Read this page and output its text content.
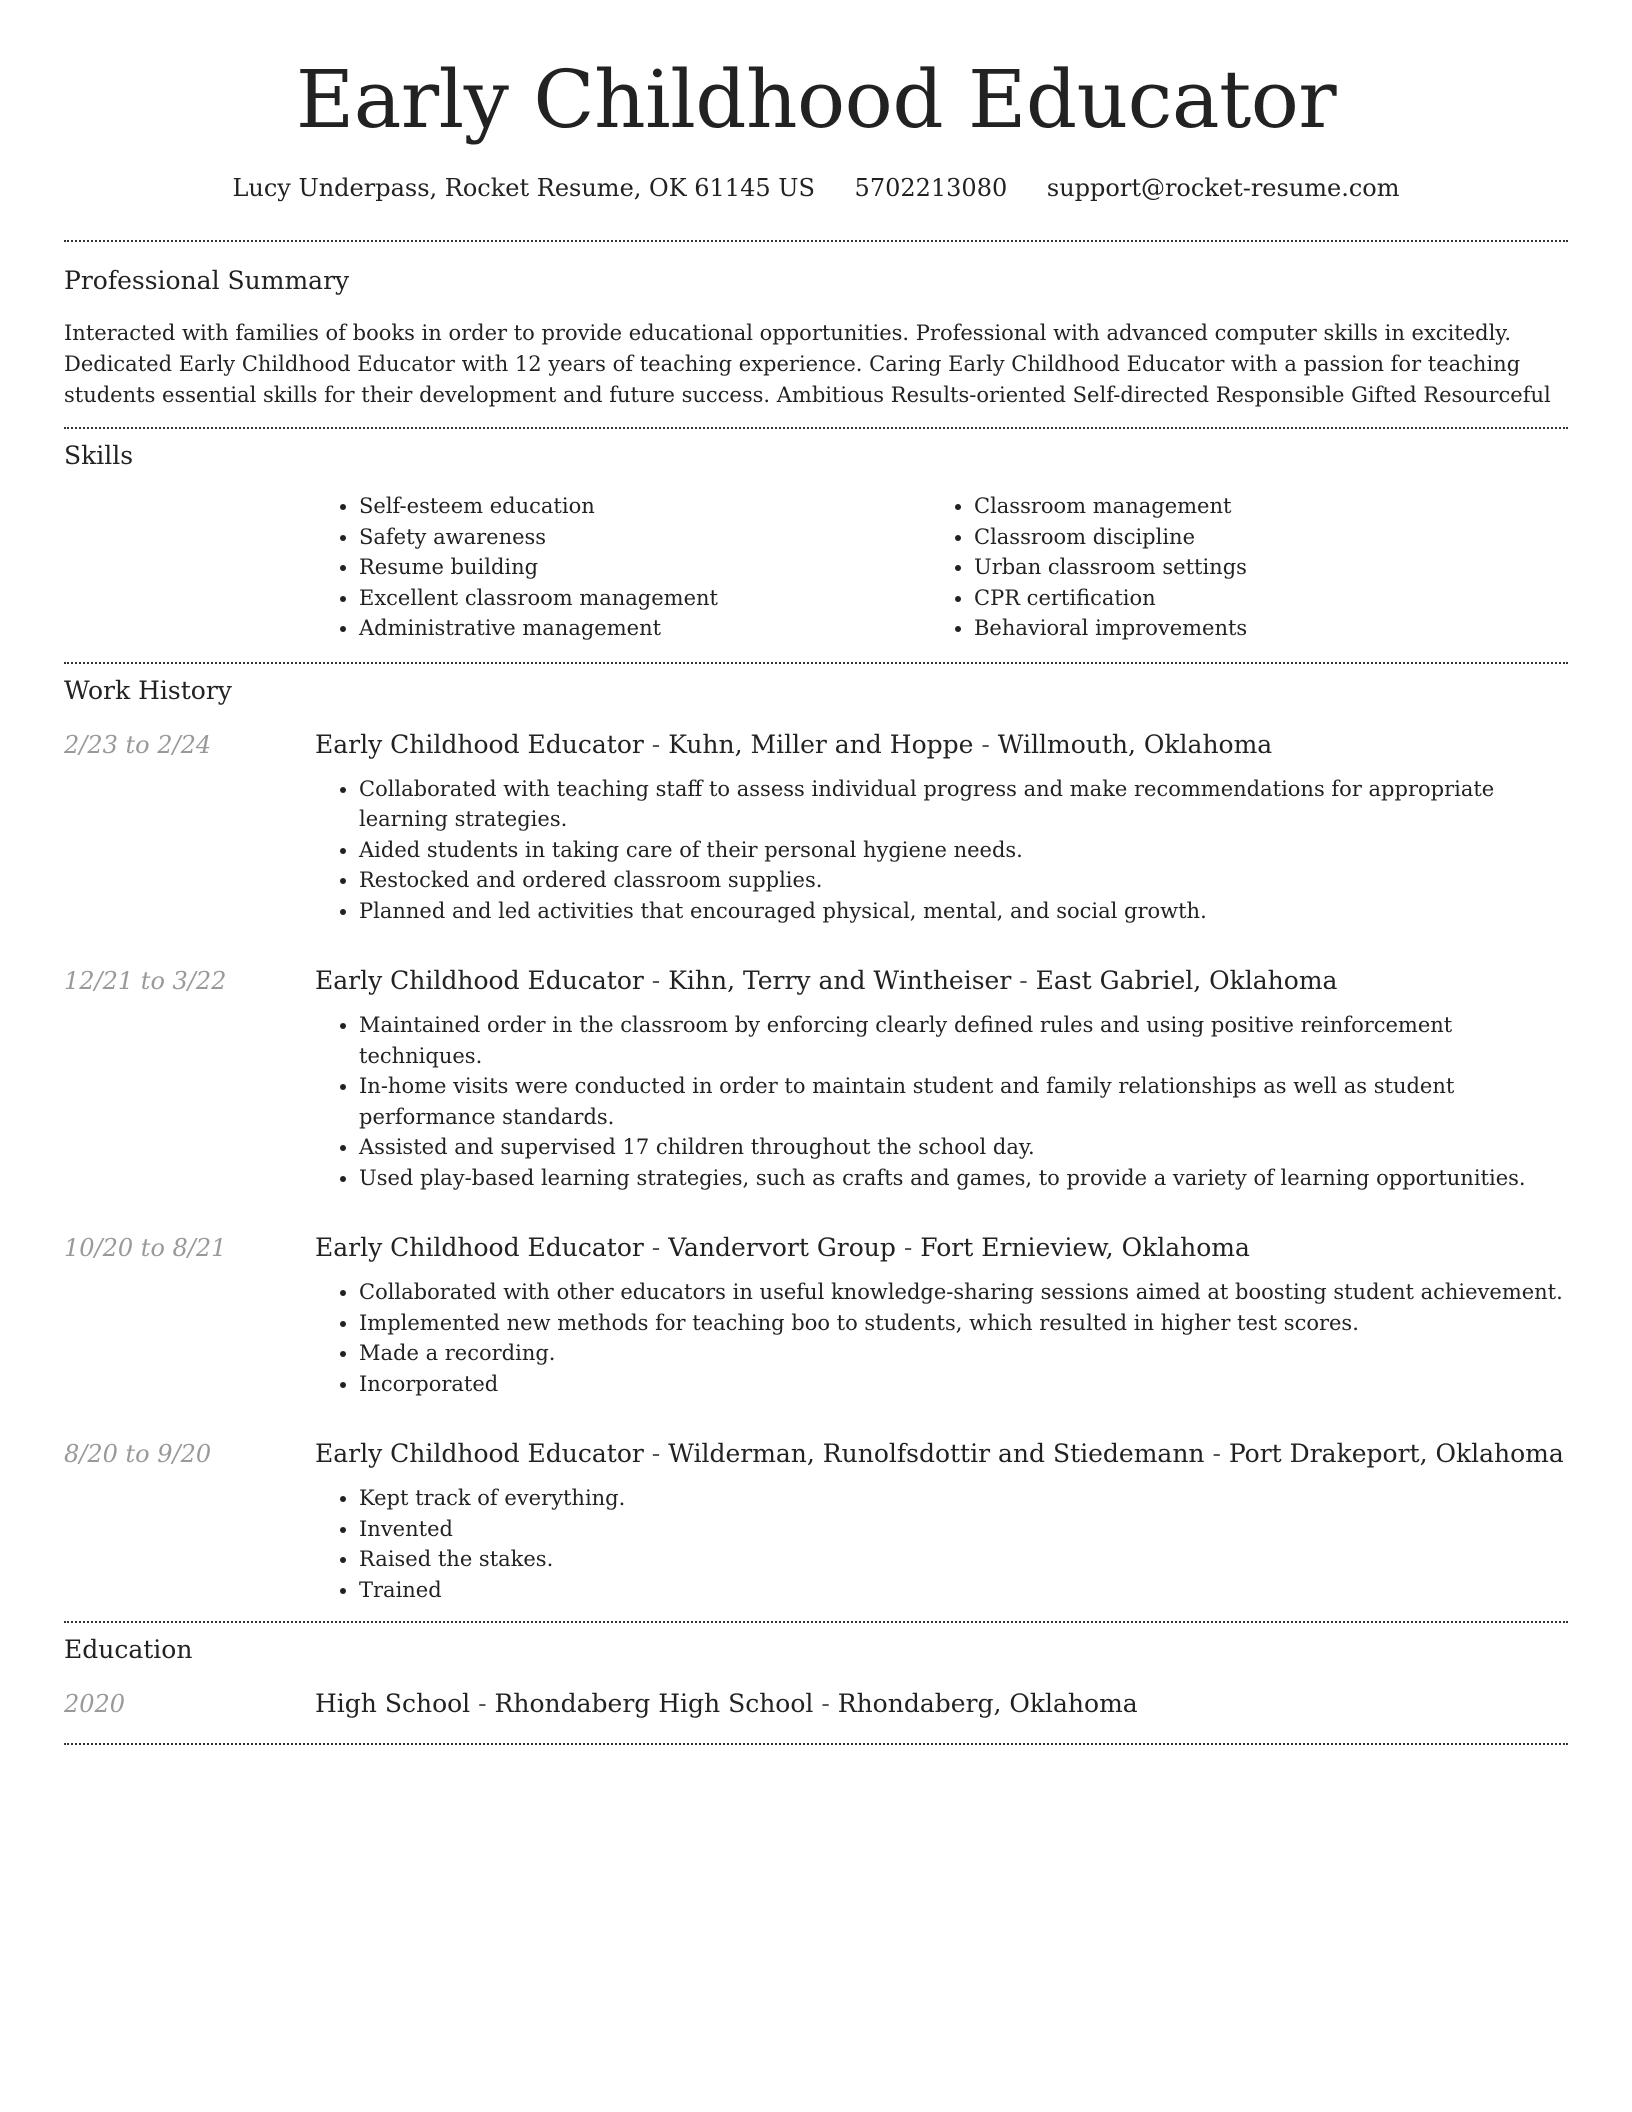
Early Childhood Educator
Lucy Underpass, Rocket Resume, OK 61145 US 5702213080 support@rocket-resume.com
Professional Summary

Interacted with families of books in order to provide educational opportunities. Professional with advanced computer skills in excitedly. Dedicated Early Childhood Educator with 12 years of teaching experience. Caring Early Childhood Educator with a passion for teaching students essential skills for their development and future success. Ambitious Results-oriented Self-directed Responsible Gifted Resourceful

Skills
• Self-esteem education
• Safety awareness
• Resume building
• Excellent classroom management
• Administrative management
• Classroom management
• Classroom discipline
• Urban classroom settings
• CPR certification
• Behavioral improvements
Work History
2/23 to 2/24	Early Childhood Educator - Kuhn, Miller and Hoppe - Willmouth, Oklahoma
• Collaborated with teaching staff to assess individual progress and make recommendations for appropriate learning strategies.
• Aided students in taking care of their personal hygiene needs.
• Restocked and ordered classroom supplies.
• Planned and led activities that encouraged physical, mental, and social growth.
12/21 to 3/22	Early Childhood Educator - Kihn, Terry and Wintheiser - East Gabriel, Oklahoma
• Maintained order in the classroom by enforcing clearly defined rules and using positive reinforcement techniques.
• In-home visits were conducted in order to maintain student and family relationships as well as student performance standards.
• Assisted and supervised 17 children throughout the school day.
• Used play-based learning strategies, such as crafts and games, to provide a variety of learning opportunities.
10/20 to 8/21	Early Childhood Educator - Vandervort Group - Fort Ernieview, Oklahoma
• Collaborated with other educators in useful knowledge-sharing sessions aimed at boosting student achievement.
• Implemented new methods for teaching boo to students, which resulted in higher test scores.
• Made a recording.
• Incorporated
8/20 to 9/20	Early Childhood Educator - Wilderman, Runolfsdottir and Stiedemann - Port Drakeport, Oklahoma
• Kept track of everything.
• Invented
• Raised the stakes.
• Trained
Education
2020	High School - Rhondaberg High School - Rhondaberg, Oklahoma
